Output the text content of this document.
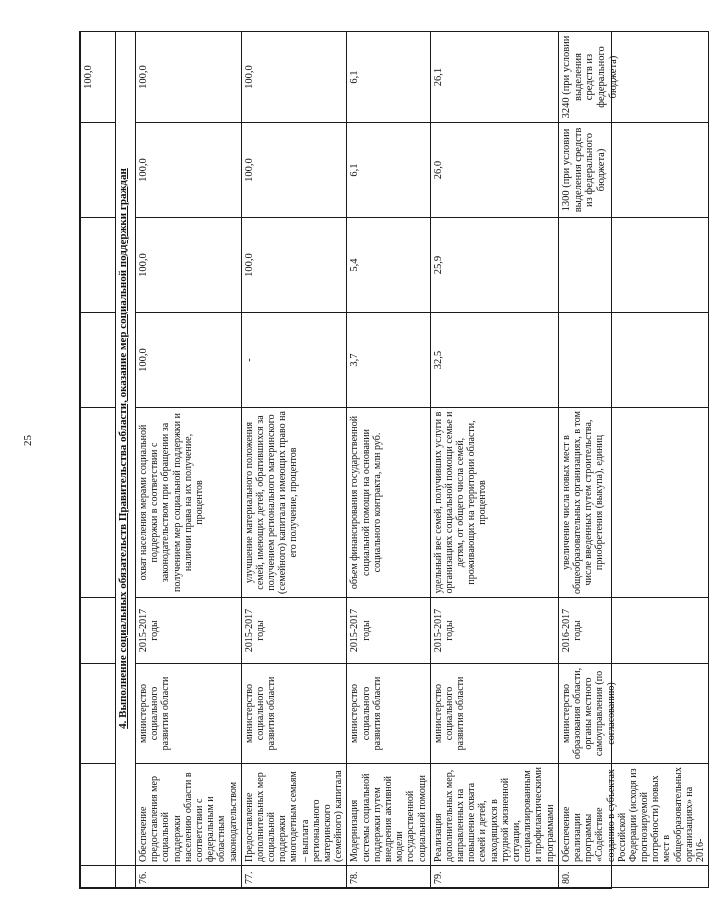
25
								100,0
	4. Выполнение социальных обязательств Правительства области, оказание мер социальной поддержки граждан							
76.	Обеспечение предоставления мер социальной поддержки населению области в соответствии с федеральным и областным законодательством	министерство социального развития области	2015-2017 годы	охват населения мерами социальной поддержки в соответствии с законодательством при обращении за получением мер социальной поддержки и наличии права на их получение, процентов	100,0	100,0	100,0	100,0
77.	Предоставление дополнительных мер социальной поддержки многодетным семьям – выплата регионального материнского (семейного) капитала	министерство социального развития области	2015-2017 годы	улучшение материального положения семей, имеющих детей, обратившихся за получением регионального материнского (семейного) капитала и имеющих право на его получение, процентов	-	100,0	100,0	100,0
78.	Модернизация системы социальной поддержки путем внедрения активной модели государственной социальной помощи	министерство социального развития области	2015-2017 годы	объем финансирования государственной социальной помощи на основании социального контракта, млн руб.	3,7	5,4	6,1	6,1
79.	Реализация дополнительных мер, направленных на повышение охвата семей и детей, находящихся в трудной жизненной ситуации, специализированными профилактическими программами	министерство социального развития области	2015-2017 годы	удельный вес семей, получивших услуги в организациях социальной помощи семье и детям, от общего числа семей, проживающих на территории области, процентов	32,5	25,9	26,0	26,1
80.	Обеспечение реализации программы «Содействие созданию в субъектах Российской Федерации (исходя из прогнозируемой потребности) новых мест в общеобразовательных организациях» на 2016-	министерство образования области, органы местного самоуправления (по согласованию)	2016-2017 годы	увеличение числа новых мест в общеобразовательных организациях, в том числе введенных путем строительства, приобретения (выкупа), единиц			1300 (при условии выделения средств из федерального бюджета)	3240 (при условии выделения средств из федерального бюджета)
